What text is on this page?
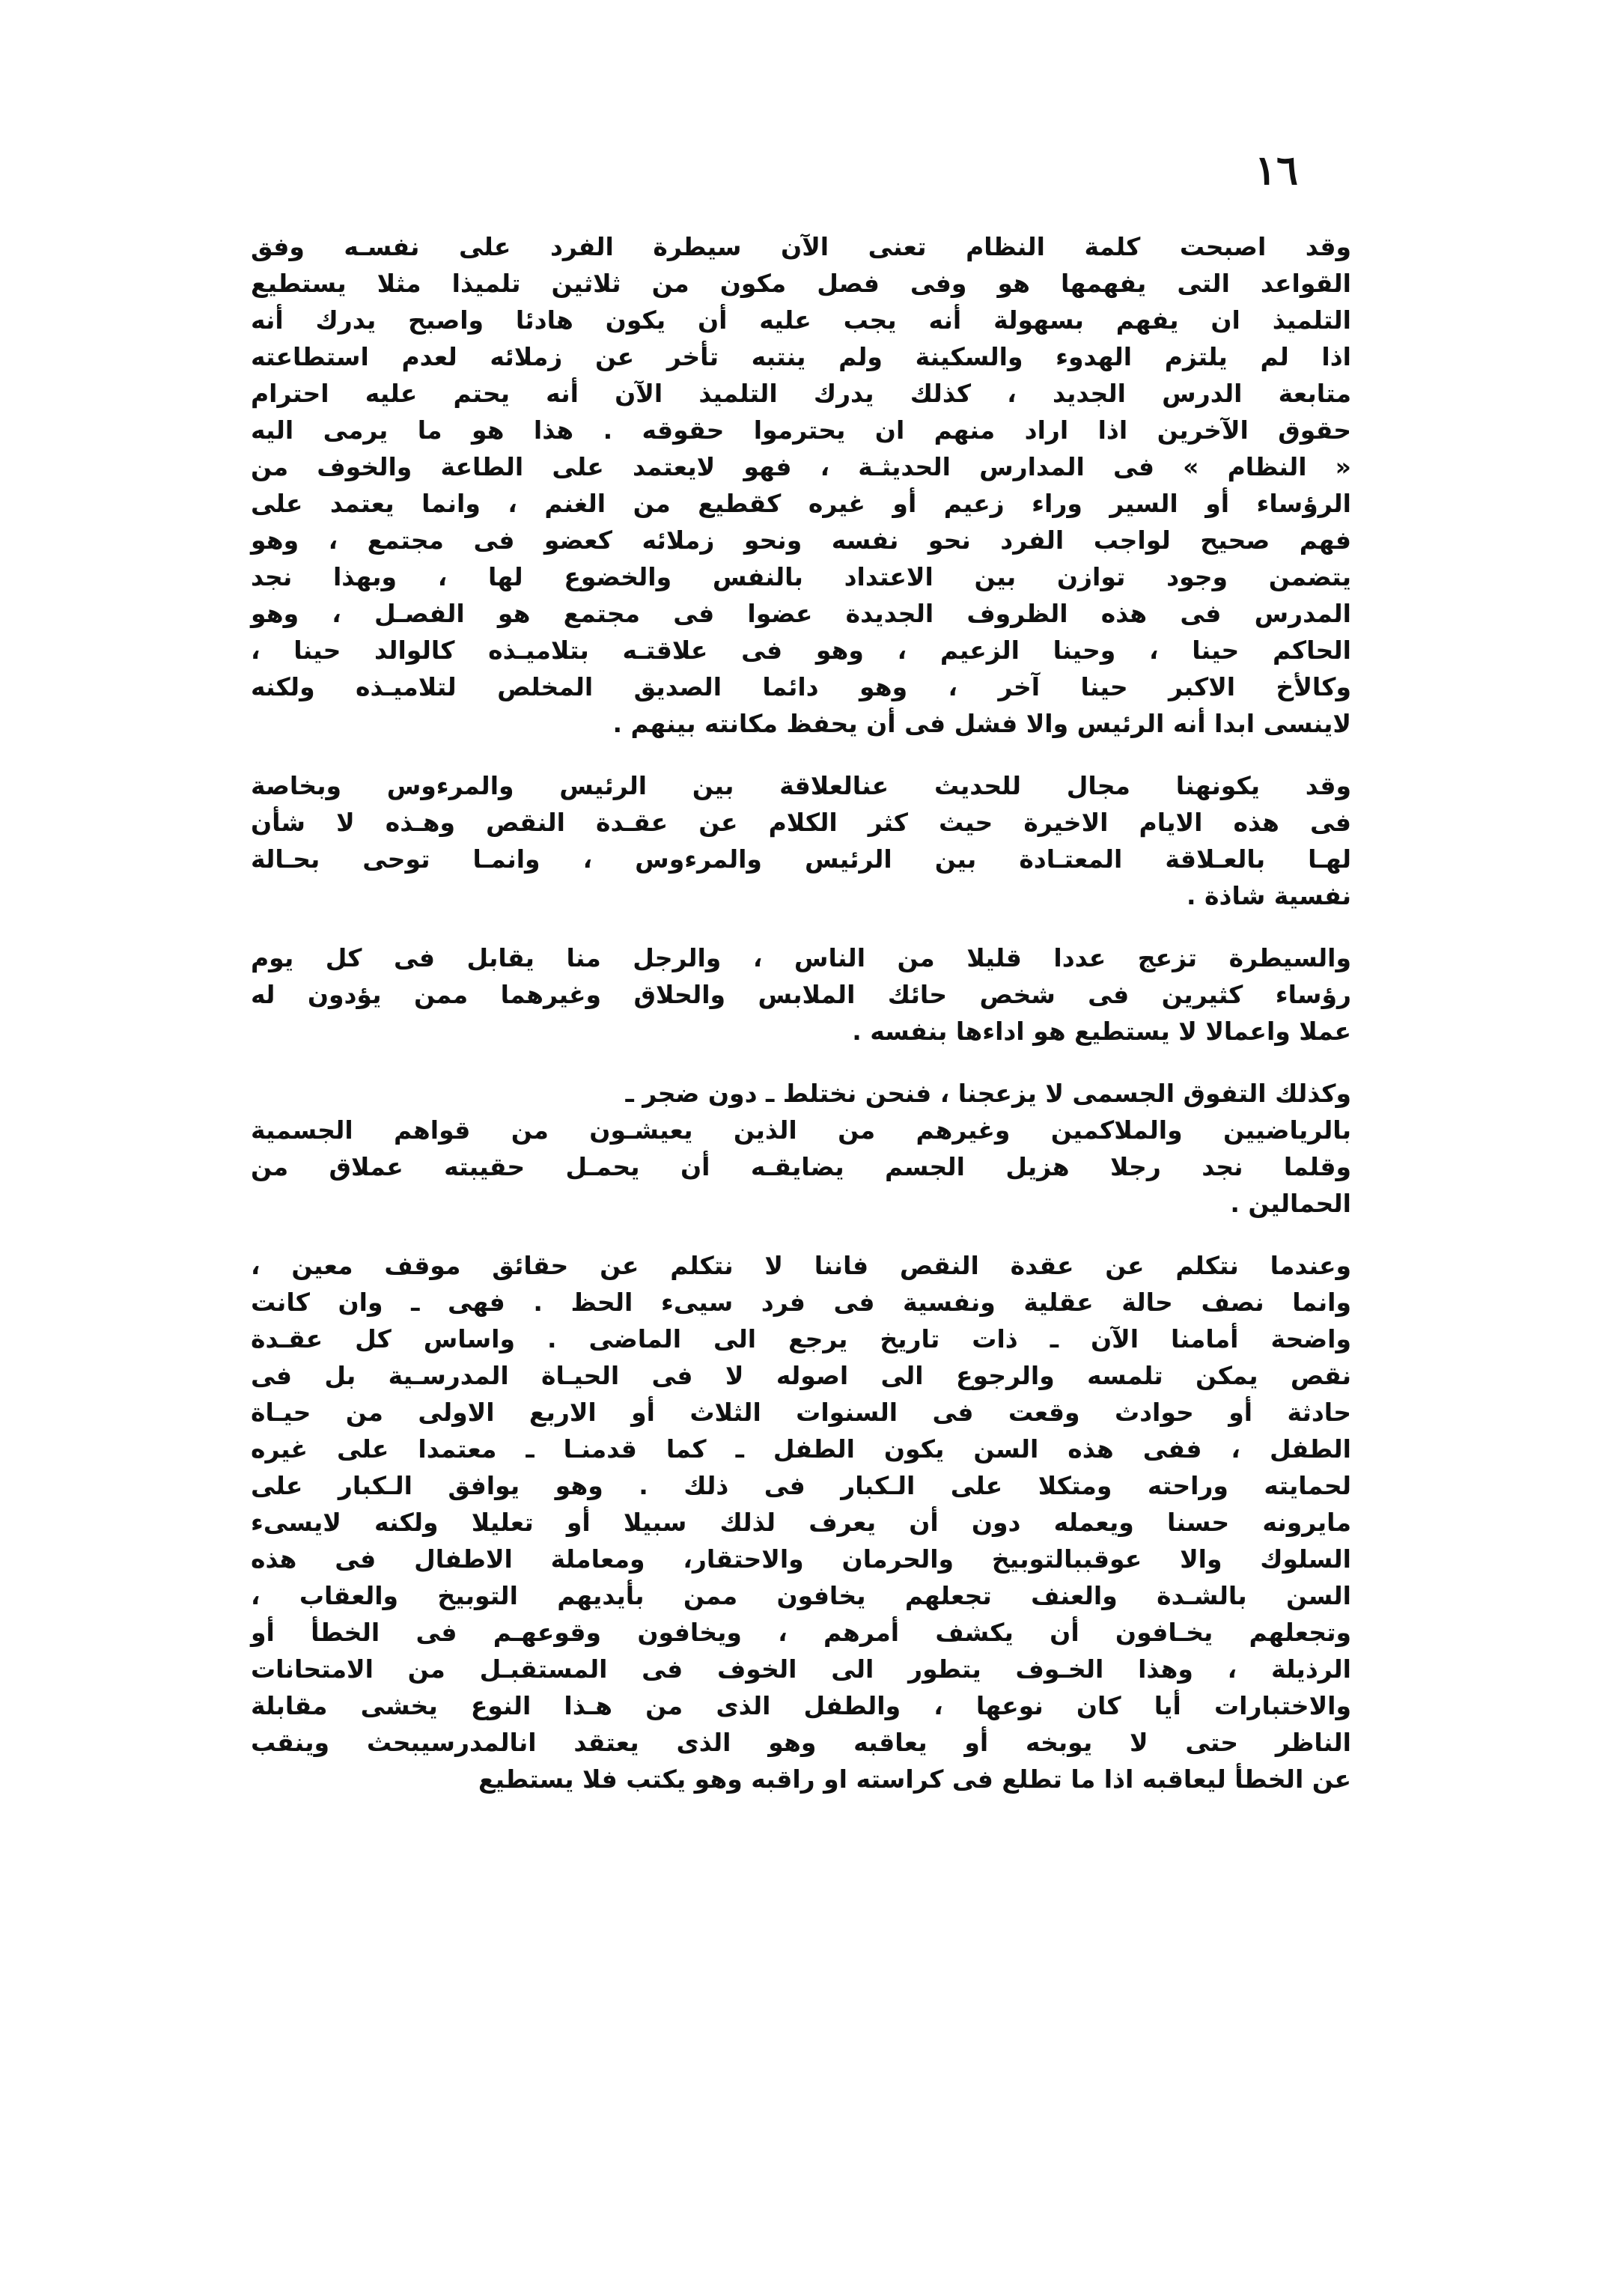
١٦
وقد اصبحت كلمة النظام تعنى الآن سيطرة الفرد على نفسـه وفق
القواعد التى يفهمها هو وفى فصل مكون من ثلاثين تلميذا مثلا يستطيع
التلميذ ان يفهم بسهولة أنه يجب عليه أن يكون هادئا واصبح يدرك أنه
اذا لم يلتزم الهدوء والسكينة ولم ينتبه تأخر عن زملائه لعدم استطاعته
متابعة الدرس الجديد ، كذلك يدرك التلميذ الآن أنه يحتم عليه احترام
حقوق الآخرين اذا اراد منهم ان يحترموا حقوقه . هذا هو ما يرمى اليه
« النظام » فى المدارس الحديثـة ، فهو لايعتمد على الطاعة والخوف من
الرؤساء أو السير وراء زعيم أو غيره كقطيع من الغنم ، وانما يعتمد على
فهم صحيح لواجب الفرد نحو نفسه ونحو زملائه كعضو فى مجتمع ، وهو
يتضمن وجود توازن بين الاعتداد بالنفس والخضوع لها ، وبهذا نجد
المدرس فى هذه الظروف الجديدة عضوا فى مجتمع هو الفصـل ، وهو
الحاكم حينا ، وحينا الزعيم ، وهو فى علاقتـه بتلاميـذه كالوالد حينا ،
وكالأخ الاكبر حينا آخر ، وهو دائما الصديق المخلص لتلاميـذه ولكنه
لاينسى ابدا أنه الرئيس والا فشل فى أن يحفظ مكانته بينهم .
وقد يكونهنا مجال للحديث عنالعلاقة بين الرئيس والمرءوس وبخاصة
فى هذه الايام الاخيرة حيث كثر الكلام عن عقـدة النقص وهـذه لا شأن
لهـا بالعـلاقة المعتـادة بين الرئيس والمرءوس ، وانمـا توحى بحـالة
نفسية شاذة .
والسيطرة تزعج عددا قليلا من الناس ، والرجل منا يقابل فى كل يوم
رؤساء كثيرين فى شخص حائك الملابس والحلاق وغيرهما ممن يؤدون له
عملا واعمالا لا يستطيع هو اداءها بنفسه .
وكذلك التفوق الجسمى لا يزعجنا ، فنحن نختلط ـ دون ضجر ـ
بالرياضيين والملاكمين وغيرهم من الذين يعيشـون من قواهم الجسمية
وقلما نجد رجلا هزيل الجسم يضايقـه أن يحمـل حقيبته عملاق من
الحمالين .
وعندما نتكلم عن عقدة النقص فاننا لا نتكلم عن حقائق موقف معين ،
وانما نصف حالة عقلية ونفسية فى فرد سيىء الحظ . فهى ـ وان كانت
واضحة أمامنا الآن ـ ذات تاريخ يرجع الى الماضى . واساس كل عقـدة
نقص يمكن تلمسه والرجوع الى اصوله لا فى الحيـاة المدرسـية بل فى
حادثة أو حوادث وقعت فى السنوات الثلاث أو الاربع الاولى من حيـاة
الطفل ، ففى هذه السن يكون الطفل ـ كما قدمنـا ـ معتمدا على غيره
لحمايته وراحته ومتكلا على الـكبار فى ذلك . وهو يوافق الـكبار على
مايرونه حسنا ويعمله دون أن يعرف لذلك سبيلا أو تعليلا ولكنه لايسىء
السلوك والا عوقببالتوبيخ والحرمان والاحتقار، ومعاملة الاطفال فى هذه
السن بالشـدة والعنف تجعلهم يخافون ممن بأيديهم التوبيخ والعقاب ،
وتجعلهم يخـافون أن يكشف أمرهم ، ويخافون وقوعهـم فى الخطأ أو
الرذيلة ، وهذا الخـوف يتطور الى الخوف فى المستقبـل من الامتحانات
والاختبارات أيا كان نوعها ، والطفل الذى من هـذا النوع يخشى مقابلة
الناظر حتى لا يوبخه أو يعاقبه وهو الذى يعتقد انالمدرسيبحث وينقب
عن الخطأ ليعاقبه اذا ما تطلع فى كراسته او راقبه وهو يكتب فلا يستطيع
